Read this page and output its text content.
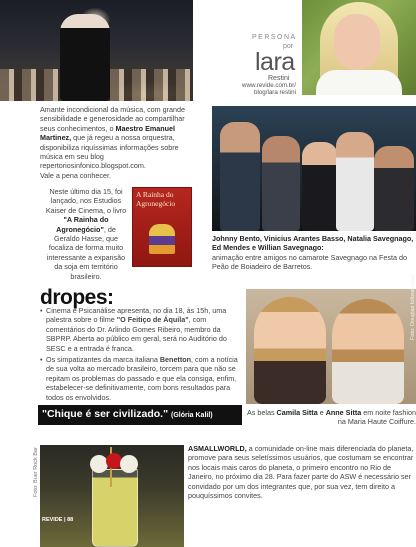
A Rainha do Agronegócio
Foto: Douglas Infosarvidad
Foto: Buer Rock Bar
REVIDE | 88
PERSONA
por
lara
Restini
www.revide.com.br/
blog/lara restini
Amante incondicional da música, com grande sensibilidade e generosidade ao compartilhar seus conhecimentos, o Maestro Emanuel Martinez, que já regeu a nossa orquestra, disponibiliza riquíssimas informações sobre música em seu blog repertoriosinfonico.blogspot.com.
Vale a pena conhecer.
Neste último dia 15, foi lançado, nos Estudios Kaiser de Cinema, o livro "A Rainha do Agronegócio", de Geraldo Hasse, que focaliza de forma muito interessante a expansão da soja em território brasileiro.
Johnny Bento, Vinicius Arantes Basso, Natalia Savegnago, Ed Mendes e Willian Savegnago:
animação entre amigos no camarote Savegnago na Festa do Peão de Boiadeiro de Barretos.
dropes:
• Cinema e Psicanálise apresenta, no dia 18, às 15h, uma palestra sobre o filme "O Feitiço de Áquila", com comentários do Dr. Arlindo Gomes Ribeiro, membro da SBPRP. Aberta ao público em geral, será no Auditório do SESC e a entrada é franca.
• Os simpatizantes da marca italiana Benetton, com a notícia de sua volta ao mercado brasileiro, torcem para que não se repitam os problemas do passado e que ela consiga, enfim, estabelecer-se definitivamente, com bons resultados para todos os envolvidos.
"Chique é ser civilizado." (Glória Kalil)	As belas Camila Sitta e Anne Sitta em noite fashion na Maria Haute Coiffure.
ASMALLWORLD, a comunidade on-line mais diferenciada do planeta, promove para seus seletíssimos usuários, que costumam se encontrar nos locais mais caros do planeta, o primeiro encontro no Rio de Janeiro, no próximo dia 28. Para fazer parte do ASW é necessário ser convidado por um dos integrantes que, por sua vez, tem direito a pouquíssimos convites.
